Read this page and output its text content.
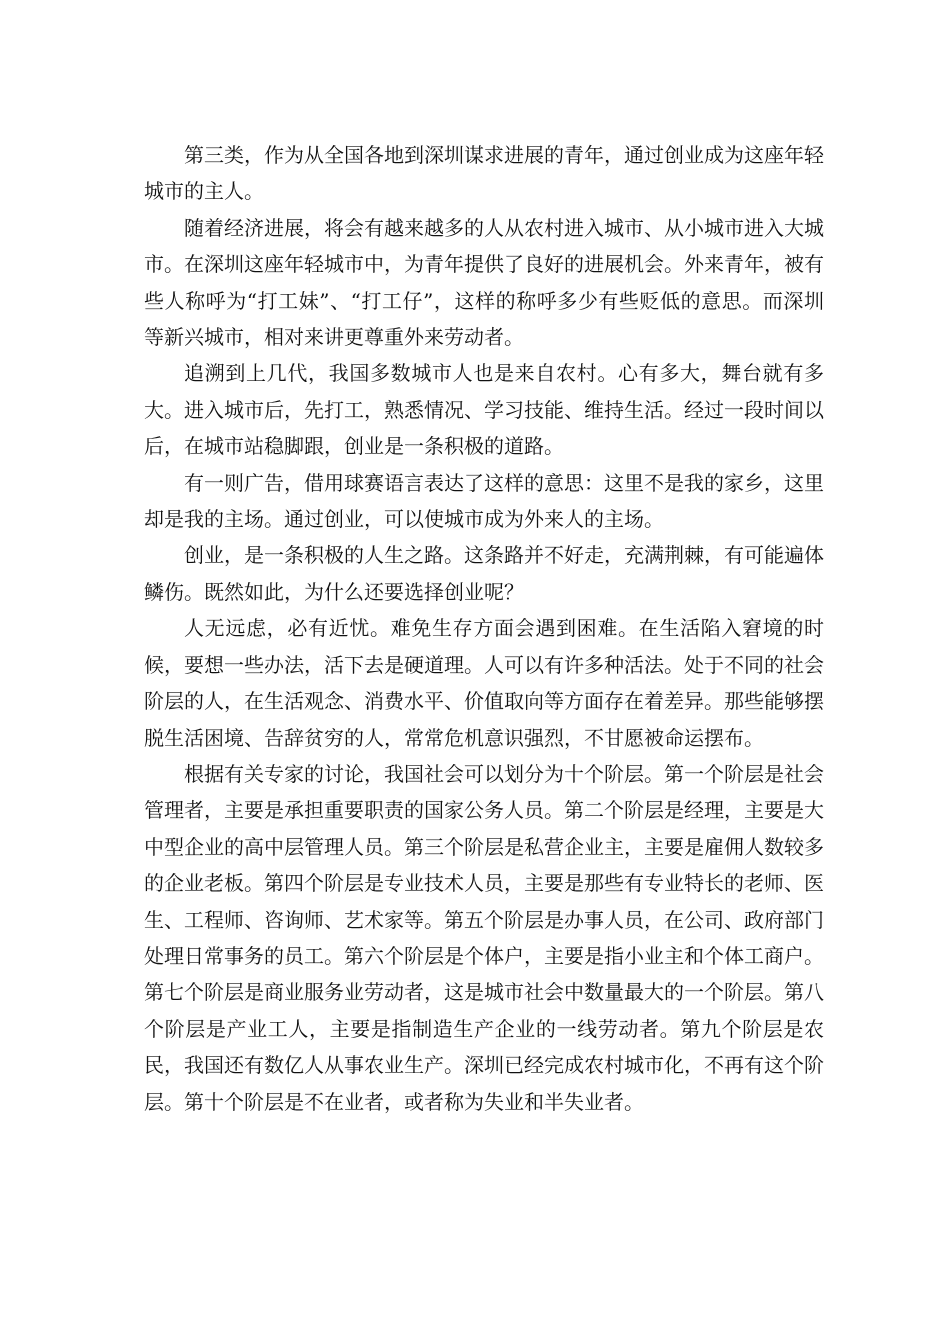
第三类，作为从全国各地到深圳谋求进展的青年，通过创业成为这座年轻城市的主人。

随着经济进展，将会有越来越多的人从农村进入城市、从小城市进入大城市。在深圳这座年轻城市中，为青年提供了良好的进展机会。外来青年，被有些人称呼为“打工妹”、“打工仔”，这样的称呼多少有些贬低的意思。而深圳等新兴城市，相对来讲更尊重外来劳动者。

追溯到上几代，我国多数城市人也是来自农村。心有多大，舞台就有多大。进入城市后，先打工，熟悉情况、学习技能、维持生活。经过一段时间以后，在城市站稳脚跟，创业是一条积极的道路。

有一则广告，借用球赛语言表达了这样的意思：这里不是我的家乡，这里却是我的主场。通过创业，可以使城市成为外来人的主场。

创业，是一条积极的人生之路。这条路并不好走，充满荆棘，有可能遍体鳞伤。既然如此，为什么还要选择创业呢？

人无远虑，必有近忧。难免生存方面会遇到困难。在生活陷入窘境的时候，要想一些办法，活下去是硬道理。人可以有许多种活法。处于不同的社会阶层的人，在生活观念、消费水平、价值取向等方面存在着差异。那些能够摆脱生活困境、告辞贫穷的人，常常危机意识强烈，不甘愿被命运摆布。

根据有关专家的讨论，我国社会可以划分为十个阶层。第一个阶层是社会管理者，主要是承担重要职责的国家公务人员。第二个阶层是经理，主要是大中型企业的高中层管理人员。第三个阶层是私营企业主，主要是雇佣人数较多的企业老板。第四个阶层是专业技术人员，主要是那些有专业特长的老师、医生、工程师、咨询师、艺术家等。第五个阶层是办事人员，在公司、政府部门处理日常事务的员工。第六个阶层是个体户，主要是指小业主和个体工商户。第七个阶层是商业服务业劳动者，这是城市社会中数量最大的一个阶层。第八个阶层是产业工人，主要是指制造生产企业的一线劳动者。第九个阶层是农民，我国还有数亿人从事农业生产。深圳已经完成农村城市化，不再有这个阶层。第十个阶层是不在业者，或者称为失业和半失业者。
